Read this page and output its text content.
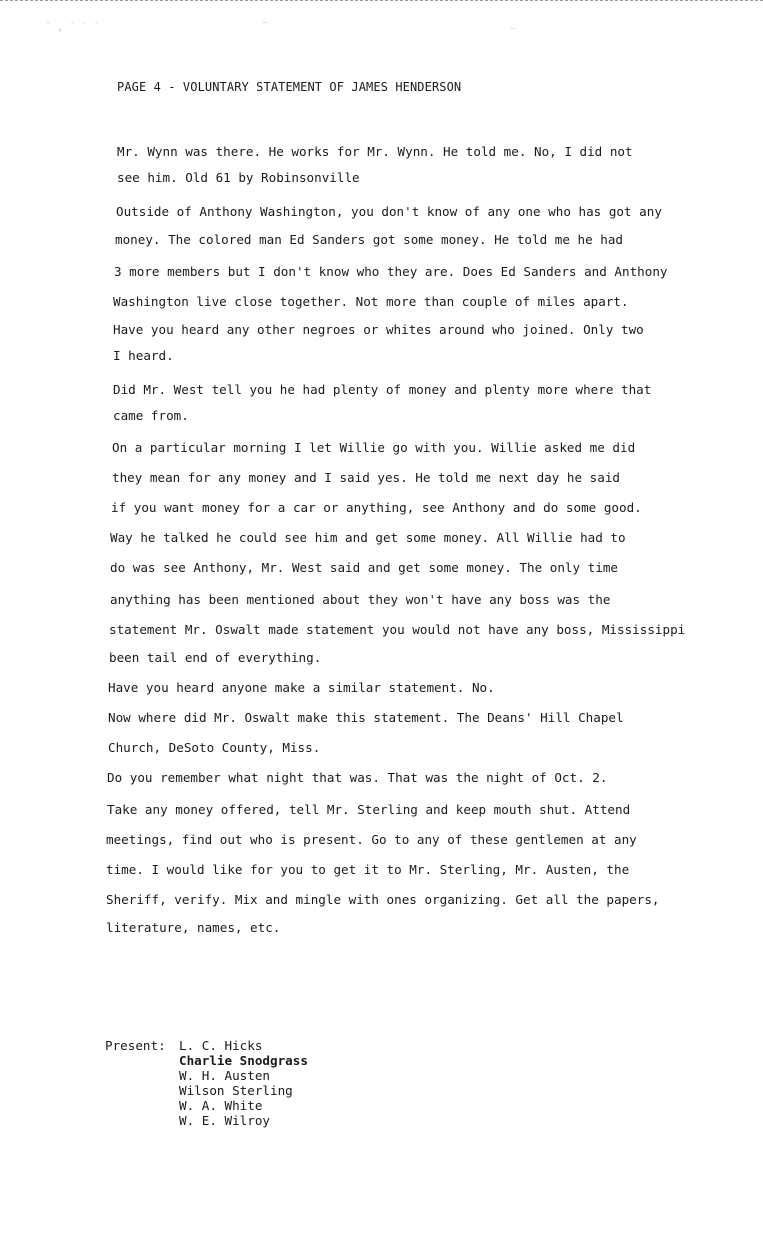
˙ ‚ ˙ ˙ ˙	‾
‾
PAGE 4 - VOLUNTARY STATEMENT OF JAMES HENDERSON
Mr. Wynn was there. He works for Mr. Wynn. He told me. No, I did not
see him. Old 61 by Robinsonville
Outside of Anthony Washington, you don't know of any one who has got any
money. The colored man Ed Sanders got some money. He told me he had
3 more members but I don't know who they are. Does Ed Sanders and Anthony
Washington live close together. Not more than couple of miles apart.
Have you heard any other negroes or whites around who joined. Only two
I heard.
Did Mr. West tell you he had plenty of money and plenty more where that
came from.
On a particular morning I let Willie go with you. Willie asked me did
they mean for any money and I said yes. He told me next day he said
if you want money for a car or anything, see Anthony and do some good.
Way he talked he could see him and get some money. All Willie had to
do was see Anthony, Mr. West said and get some money. The only time
anything has been mentioned about they won't have any boss was the
statement Mr. Oswalt made statement you would not have any boss, Mississippi
been tail end of everything.
Have you heard anyone make a similar statement. No.
Now where did Mr. Oswalt make this statement. The Deans' Hill Chapel
Church, DeSoto County, Miss.
Do you remember what night that was. That was the night of Oct. 2.
Take any money offered, tell Mr. Sterling and keep mouth shut. Attend
meetings, find out who is present. Go to any of these gentlemen at any
time. I would like for you to get it to Mr. Sterling, Mr. Austen, the
Sheriff, verify. Mix and mingle with ones organizing. Get all the papers,
literature, names, etc.
Present: L. C. Hicks
Charlie Snodgrass
W. H. Austen
Wilson Sterling
W. A. White
W. E. Wilroy
